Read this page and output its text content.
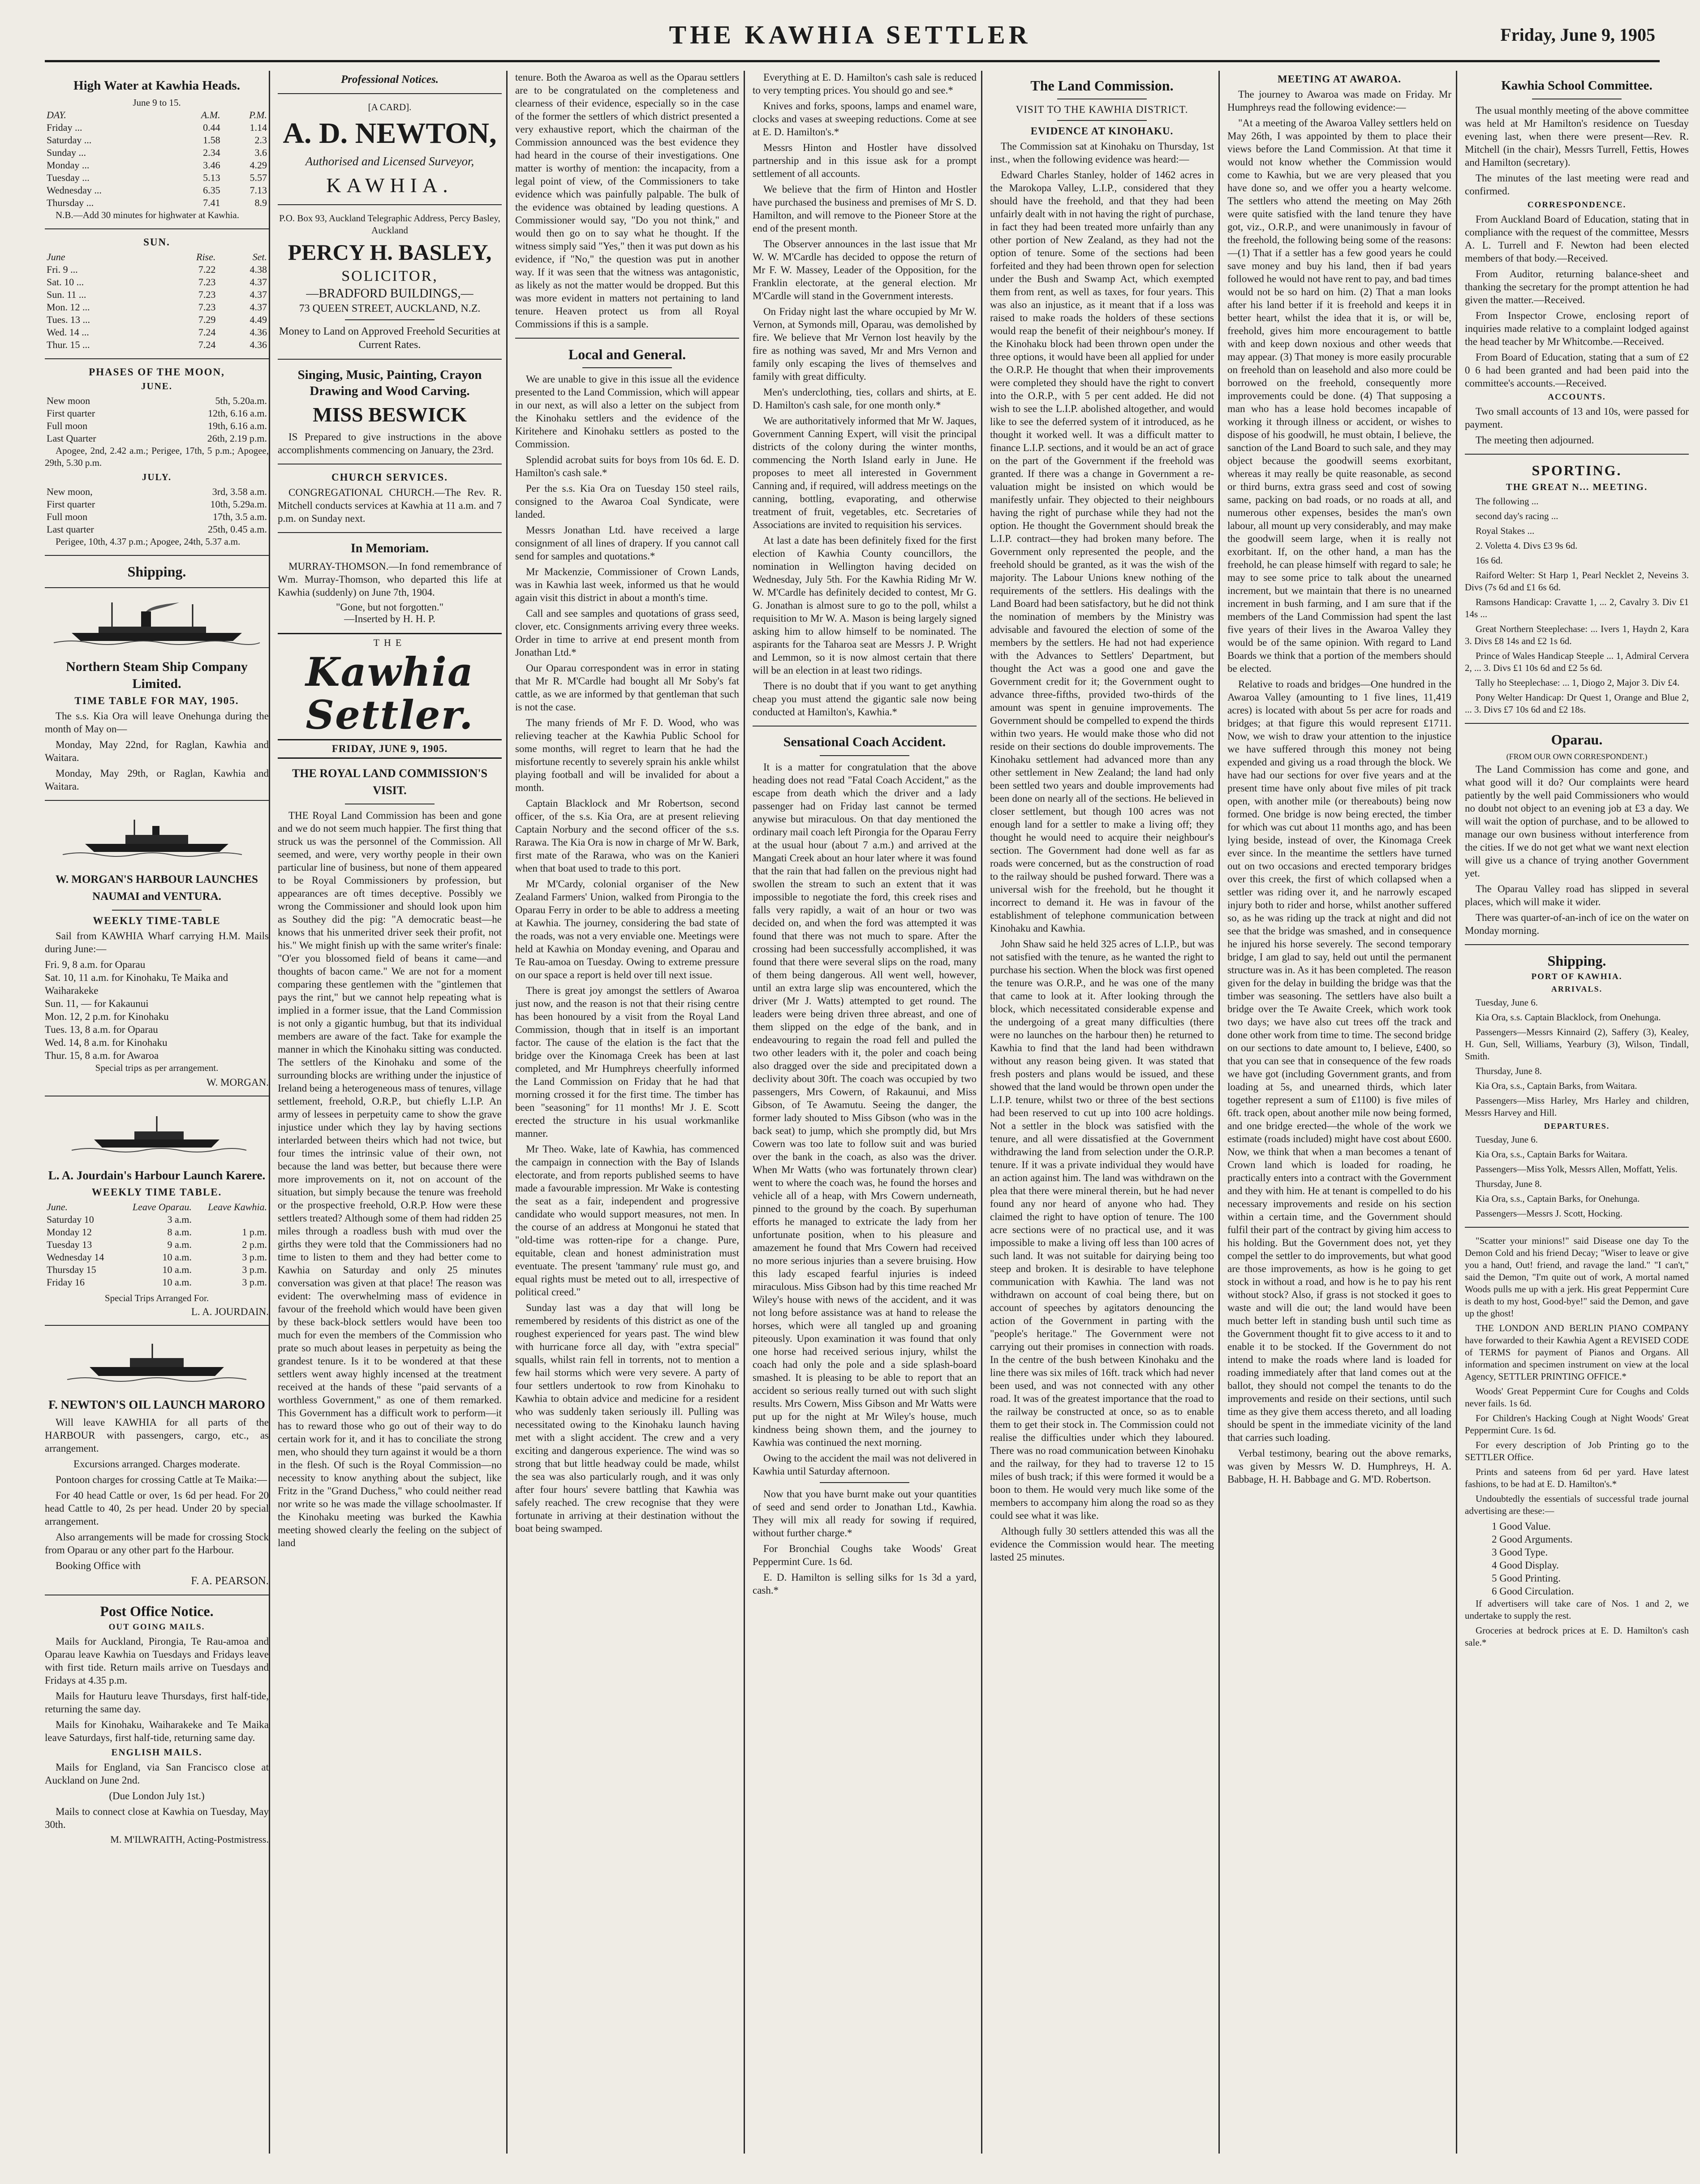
THE KAWHIA SETTLER	Friday, June 9, 1905
High Water at Kawhia Heads.
June 9 to 15.
DAY.	A.M.	P.M.
Friday ...	0.44	1.14
Saturday ...	1.58	2.3
Sunday ...	2.34	3.6
Monday ...	3.46	4.29
Tuesday ...	5.13	5.57
Wednesday ...	6.35	7.13
Thursday ...	7.41	8.9

N.B.—Add 30 minutes for highwater at Kawhia.

SUN.
June	Rise.	Set.
Fri. 9 ...	7.22	4.38
Sat. 10 ...	7.23	4.37
Sun. 11 ...	7.23	4.37
Mon. 12 ...	7.23	4.37
Tues. 13 ...	7.29	4.49
Wed. 14 ...	7.24	4.36
Thur. 15 ...	7.24	4.36
PHASES OF THE MOON,
JUNE.
New moon	5th, 5.20a.m.
First quarter	12th, 6.16 a.m.
Full moon	19th, 6.16 a.m.
Last Quarter	26th, 2.19 p.m.

Apogee, 2nd, 2.42 a.m.; Perigee, 17th, 5 p.m.; Apogee, 29th, 5.30 p.m.

JULY.
New moon,	3rd, 3.58 a.m.
First quarter	10th, 5.29a.m.
Full moon	17th, 3.5 a.m.
Last quarter	25th, 0.45 a.m.

Perigee, 10th, 4.37 p.m.; Apogee, 24th, 5.37 a.m.

Shipping.
Northern Steam Ship Company Limited.
TIME TABLE FOR MAY, 1905.

The s.s. Kia Ora will leave Onehunga during the month of May on—

Monday, May 22nd, for Raglan, Kawhia and Waitara.

Monday, May 29th, or Raglan, Kawhia and Waitara.

W. MORGAN'S HARBOUR LAUNCHES NAUMAI and VENTURA.
WEEKLY TIME-TABLE

Sail from KAWHIA Wharf carrying H.M. Mails during June:—

Fri. 9, 8 a.m. for Oparau

Sat. 10, 11 a.m. for Kinohaku, Te Maika and Waiharakeke

Sun. 11, — for Kakaunui

Mon. 12, 2 p.m. for Kinohaku

Tues. 13, 8 a.m. for Oparau

Wed. 14, 8 a.m. for Kinohaku

Thur. 15, 8 a.m. for Awaroa

Special trips as per arrangement.
W. MORGAN.
L. A. Jourdain's Harbour Launch Karere.
WEEKLY TIME TABLE.
June.	Leave Oparau.	Leave Kawhia.
Saturday 10	3 a.m.	
Monday 12	8 a.m.	1 p.m.
Tuesday 13	9 a.m.	2 p.m.
Wednesday 14	10 a.m.	3 p.m.
Thursday 15	10 a.m.	3 p.m.
Friday 16	10 a.m.	3 p.m.
Special Trips Arranged For.
L. A. JOURDAIN.
F. NEWTON'S OIL LAUNCH MARORO

Will leave KAWHIA for all parts of the HARBOUR with passengers, cargo, etc., as arrangement.

Excursions arranged. Charges moderate.

Pontoon charges for crossing Cattle at Te Maika:—

For 40 head Cattle or over, 1s 6d per head. For 20 head Cattle to 40, 2s per head. Under 20 by special arrangement.

Also arrangements will be made for crossing Stock from Oparau or any other part fo the Harbour.

Booking Office with

F. A. PEARSON.
Post Office Notice.
OUT GOING MAILS.

Mails for Auckland, Pirongia, Te Rau-amoa and Oparau leave Kawhia on Tuesdays and Fridays leave with first tide. Return mails arrive on Tuesdays and Fridays at 4.35 p.m.

Mails for Hauturu leave Thursdays, first half-tide, returning the same day.

Mails for Kinohaku, Waiharakeke and Te Maika leave Saturdays, first half-tide, returning same day.

ENGLISH MAILS.

Mails for England, via San Francisco close at Auckland on June 2nd.

(Due London July 1st.)

Mails to connect close at Kawhia on Tuesday, May 30th.

M. M'ILWRAITH, Acting-Postmistress.
Professional Notices.
[A CARD].
A. D. NEWTON,
Authorised and Licensed Surveyor,
KAWHIA.
P.O. Box 93, Auckland Telegraphic Address, Percy Basley, Auckland
PERCY H. BASLEY,
SOLICITOR,
—BRADFORD BUILDINGS,—
73 QUEEN STREET, AUCKLAND, N.Z.
Money to Land on Approved Freehold Securities at Current Rates.
Singing, Music, Painting, Crayon Drawing and Wood Carving.
MISS BESWICK

IS Prepared to give instructions in the above accomplishments commencing on January, the 23rd.

CHURCH SERVICES.

CONGREGATIONAL CHURCH.—The Rev. R. Mitchell conducts services at Kawhia at 11 a.m. and 7 p.m. on Sunday next.

In Memoriam.

MURRAY-THOMSON.—In fond remembrance of Wm. Murray-Thomson, who departed this life at Kawhia (suddenly) on June 7th, 1904.

"Gone, but not forgotten."
—Inserted by H. H. P.
THE
Kawhia Settler.
FRIDAY, JUNE 9, 1905.
THE ROYAL LAND COMMISSION'S VISIT.

THE Royal Land Commission has been and gone and we do not seem much happier. The first thing that struck us was the personnel of the Commission. All seemed, and were, very worthy people in their own particular line of business, but none of them appeared to be Royal Commissioners by profession, but appearances are oft times deceptive. Possibly we wrong the Commissioner and should look upon him as Southey did the pig: "A democratic beast—he knows that his unmerited driver seek their profit, not his." We might finish up with the same writer's finale: "O'er you blossomed field of beans it came—and thoughts of bacon came." We are not for a moment comparing these gentlemen with the "gintlemen that pays the rint," but we cannot help repeating what is implied in a former issue, that the Land Commission is not only a gigantic humbug, but that its individual members are aware of the fact. Take for example the manner in which the Kinohaku sitting was conducted. The settlers of the Kinohaku and some of the surrounding blocks are writhing under the injustice of Ireland being a heterogeneous mass of tenures, village settlement, freehold, O.R.P., but chiefly L.I.P. An army of lessees in perpetuity came to show the grave injustice under which they lay by having sections interlarded between theirs which had not twice, but four times the intrinsic value of their own, not because the land was better, but because there were more improvements on it, not on account of the situation, but simply because the tenure was freehold or the prospective freehold, O.R.P. How were these settlers treated? Although some of them had ridden 25 miles through a roadless bush with mud over the girths they were told that the Commissioners had no time to listen to them and they had better come to Kawhia on Saturday and only 25 minutes conversation was given at that place! The reason was evident: The overwhelming mass of evidence in favour of the freehold which would have been given by these back-block settlers would have been too much for even the members of the Commission who prate so much about leases in perpetuity as being the grandest tenure. Is it to be wondered at that these settlers went away highly incensed at the treatment received at the hands of these "paid servants of a worthless Government," as one of them remarked. This Government has a difficult work to perform—it has to reward those who go out of their way to do certain work for it, and it has to conciliate the strong men, who should they turn against it would be a thorn in the flesh. Of such is the Royal Commission—no necessity to know anything about the subject, like Fritz in the "Grand Duchess," who could neither read nor write so he was made the village schoolmaster. If the Kinohaku meeting was burked the Kawhia meeting showed clearly the feeling on the subject of land

tenure. Both the Awaroa as well as the Oparau settlers are to be congratulated on the completeness and clearness of their evidence, especially so in the case of the former the settlers of which district presented a very exhaustive report, which the chairman of the Commission announced was the best evidence they had heard in the course of their investigations. One matter is worthy of mention: the incapacity, from a legal point of view, of the Commissioners to take evidence which was painfully palpable. The bulk of the evidence was obtained by leading questions. A Commissioner would say, "Do you not think," and would then go on to say what he thought. If the witness simply said "Yes," then it was put down as his evidence, if "No," the question was put in another way. If it was seen that the witness was antagonistic, as likely as not the matter would be dropped. But this was more evident in matters not pertaining to land tenure. Heaven protect us from all Royal Commissions if this is a sample.

Local and General.

We are unable to give in this issue all the evidence presented to the Land Commission, which will appear in our next, as will also a letter on the subject from the Kinohaku settlers and the evidence of the Kiritehere and Kinohaku settlers as posted to the Commission.

Splendid acrobat suits for boys from 10s 6d. E. D. Hamilton's cash sale.*

Per the s.s. Kia Ora on Tuesday 150 steel rails, consigned to the Awaroa Coal Syndicate, were landed.

Messrs Jonathan Ltd. have received a large consignment of all lines of drapery. If you cannot call send for samples and quotations.*

Mr Mackenzie, Commissioner of Crown Lands, was in Kawhia last week, informed us that he would again visit this district in about a month's time.

Call and see samples and quotations of grass seed, clover, etc. Consignments arriving every three weeks. Order in time to arrive at end present month from Jonathan Ltd.*

Our Oparau correspondent was in error in stating that Mr R. M'Cardle had bought all Mr Soby's fat cattle, as we are informed by that gentleman that such is not the case.

The many friends of Mr F. D. Wood, who was relieving teacher at the Kawhia Public School for some months, will regret to learn that he had the misfortune recently to severely sprain his ankle whilst playing football and will be invalided for about a month.

Captain Blacklock and Mr Robertson, second officer, of the s.s. Kia Ora, are at present relieving Captain Norbury and the second officer of the s.s. Rarawa. The Kia Ora is now in charge of Mr W. Bark, first mate of the Rarawa, who was on the Kanieri when that boat used to trade to this port.

Mr M'Cardy, colonial organiser of the New Zealand Farmers' Union, walked from Pirongia to the Oparau Ferry in order to be able to address a meeting at Kawhia. The journey, considering the bad state of the roads, was not a very enviable one. Meetings were held at Kawhia on Monday evening, and Oparau and Te Rau-amoa on Tuesday. Owing to extreme pressure on our space a report is held over till next issue.

There is great joy amongst the settlers of Awaroa just now, and the reason is not that their rising centre has been honoured by a visit from the Royal Land Commission, though that in itself is an important factor. The cause of the elation is the fact that the bridge over the Kinomaga Creek has been at last completed, and Mr Humphreys cheerfully informed the Land Commission on Friday that he had that morning crossed it for the first time. The timber has been "seasoning" for 11 months! Mr J. E. Scott erected the structure in his usual workmanlike manner.

Mr Theo. Wake, late of Kawhia, has commenced the campaign in connection with the Bay of Islands electorate, and from reports published seems to have made a favourable impression. Mr Wake is contesting the seat as a fair, independent and progressive candidate who would support measures, not men. In the course of an address at Mongonui he stated that "old-time was rotten-ripe for a change. Pure, equitable, clean and honest administration must eventuate. The present 'tammany' rule must go, and equal rights must be meted out to all, irrespective of political creed."

Sunday last was a day that will long be remembered by residents of this district as one of the roughest experienced for years past. The wind blew with hurricane force all day, with "extra special" squalls, whilst rain fell in torrents, not to mention a few hail storms which were very severe. A party of four settlers undertook to row from Kinohaku to Kawhia to obtain advice and medicine for a resident who was suddenly taken seriously ill. Pulling was necessitated owing to the Kinohaku launch having met with a slight accident. The crew and a very exciting and dangerous experience. The wind was so strong that but little headway could be made, whilst the sea was also particularly rough, and it was only after four hours' severe battling that Kawhia was safely reached. The crew recognise that they were fortunate in arriving at their destination without the boat being swamped.

Everything at E. D. Hamilton's cash sale is reduced to very tempting prices. You should go and see.*

Knives and forks, spoons, lamps and enamel ware, clocks and vases at sweeping reductions. Come at see at E. D. Hamilton's.*

Messrs Hinton and Hostler have dissolved partnership and in this issue ask for a prompt settlement of all accounts.

We believe that the firm of Hinton and Hostler have purchased the business and premises of Mr S. D. Hamilton, and will remove to the Pioneer Store at the end of the present month.

The Observer announces in the last issue that Mr W. W. M'Cardle has decided to oppose the return of Mr F. W. Massey, Leader of the Opposition, for the Franklin electorate, at the general election. Mr M'Cardle will stand in the Government interests.

On Friday night last the whare occupied by Mr W. Vernon, at Symonds mill, Oparau, was demolished by fire. We believe that Mr Vernon lost heavily by the fire as nothing was saved, Mr and Mrs Vernon and family only escaping the lives of themselves and family with great difficulty.

Men's underclothing, ties, collars and shirts, at E. D. Hamilton's cash sale, for one month only.*

We are authoritatively informed that Mr W. Jaques, Government Canning Expert, will visit the principal districts of the colony during the winter months, commencing the North Island early in June. He proposes to meet all interested in Government Canning and, if required, will address meetings on the canning, bottling, evaporating, and otherwise treatment of fruit, vegetables, etc. Secretaries of Associations are invited to requisition his services.

At last a date has been definitely fixed for the first election of Kawhia County councillors, the nomination in Wellington having decided on Wednesday, July 5th. For the Kawhia Riding Mr W. W. M'Cardle has definitely decided to contest, Mr G. G. Jonathan is almost sure to go to the poll, whilst a requisition to Mr W. A. Mason is being largely signed asking him to allow himself to be nominated. The aspirants for the Taharoa seat are Messrs J. P. Wright and Lemmon, so it is now almost certain that there will be an election in at least two ridings.

There is no doubt that if you want to get anything cheap you must attend the gigantic sale now being conducted at Hamilton's, Kawhia.*

Sensational Coach Accident.

It is a matter for congratulation that the above heading does not read "Fatal Coach Accident," as the escape from death which the driver and a lady passenger had on Friday last cannot be termed anywise but miraculous. On that day mentioned the ordinary mail coach left Pirongia for the Oparau Ferry at the usual hour (about 7 a.m.) and arrived at the Mangati Creek about an hour later where it was found that the rain that had fallen on the previous night had swollen the stream to such an extent that it was impossible to negotiate the ford, this creek rises and falls very rapidly, a wait of an hour or two was decided on, and when the ford was attempted it was found that there was not much to spare. After the crossing had been successfully accomplished, it was found that there were several slips on the road, many of them being dangerous. All went well, however, until an extra large slip was encountered, which the driver (Mr J. Watts) attempted to get round. The leaders were being driven three abreast, and one of them slipped on the edge of the bank, and in endeavouring to regain the road fell and pulled the two other leaders with it, the poler and coach being also dragged over the side and precipitated down a declivity about 30ft. The coach was occupied by two passengers, Mrs Cowern, of Rakaunui, and Miss Gibson, of Te Awamutu. Seeing the danger, the former lady shouted to Miss Gibson (who was in the back seat) to jump, which she promptly did, but Mrs Cowern was too late to follow suit and was buried over the bank in the coach, as also was the driver. When Mr Watts (who was fortunately thrown clear) went to where the coach was, he found the horses and vehicle all of a heap, with Mrs Cowern underneath, pinned to the ground by the coach. By superhuman efforts he managed to extricate the lady from her unfortunate position, when to his pleasure and amazement he found that Mrs Cowern had received no more serious injuries than a severe bruising. How this lady escaped fearful injuries is indeed miraculous. Miss Gibson had by this time reached Mr Wiley's house with news of the accident, and it was not long before assistance was at hand to release the horses, which were all tangled up and groaning piteously. Upon examination it was found that only one horse had received serious injury, whilst the coach had only the pole and a side splash-board smashed. It is pleasing to be able to report that an accident so serious really turned out with such slight results. Mrs Cowern, Miss Gibson and Mr Watts were put up for the night at Mr Wiley's house, much kindness being shown them, and the journey to Kawhia was continued the next morning.

Owing to the accident the mail was not delivered in Kawhia until Saturday afternoon.

Now that you have burnt make out your quantities of seed and send order to Jonathan Ltd., Kawhia. They will mix all ready for sowing if required, without further charge.*

For Bronchial Coughs take Woods' Great Peppermint Cure. 1s 6d.

E. D. Hamilton is selling silks for 1s 3d a yard, cash.*

The Land Commission.
VISIT TO THE KAWHIA DISTRICT.
EVIDENCE AT KINOHAKU.

The Commission sat at Kinohaku on Thursday, 1st inst., when the following evidence was heard:—

Edward Charles Stanley, holder of 1462 acres in the Marokopa Valley, L.I.P., considered that they should have the freehold, and that they had been unfairly dealt with in not having the right of purchase, in fact they had been treated more unfairly than any other portion of New Zealand, as they had not the option of tenure. Some of the sections had been forfeited and they had been thrown open for selection under the Bush and Swamp Act, which exempted them from rent, as well as taxes, for four years. This was also an injustice, as it meant that if a loss was raised to make roads the holders of these sections would reap the benefit of their neighbour's money. If the Kinohaku block had been thrown open under the three options, it would have been all applied for under the O.R.P. He thought that when their improvements were completed they should have the right to convert into the O.R.P., with 5 per cent added. He did not wish to see the L.I.P. abolished altogether, and would like to see the deferred system of it introduced, as he thought it worked well. It was a difficult matter to finance L.I.P. sections, and it would be an act of grace on the part of the Government if the freehold was granted. If there was a change in Government a re-valuation might be insisted on which would be manifestly unfair. They objected to their neighbours having the right of purchase while they had not the option. He thought the Government should break the L.I.P. contract—they had broken many before. The Government only represented the people, and the freehold should be granted, as it was the wish of the majority. The Labour Unions knew nothing of the requirements of the settlers. His dealings with the Land Board had been satisfactory, but he did not think the nomination of members by the Ministry was advisable and favoured the election of some of the members by the settlers. He had not had experience with the Advances to Settlers' Department, but thought the Act was a good one and gave the Government credit for it; the Government ought to advance three-fifths, provided two-thirds of the amount was spent in genuine improvements. The Government should be compelled to expend the thirds within two years. He would make those who did not reside on their sections do double improvements. The Kinohaku settlement had advanced more than any other settlement in New Zealand; the land had only been settled two years and double improvements had been done on nearly all of the sections. He believed in closer settlement, but though 100 acres was not enough land for a settler to make a living off; they thought he would need to acquire their neighbour's section. The Government had done well as far as roads were concerned, but as the construction of road to the railway should be pushed forward. There was a universal wish for the freehold, but he thought it incorrect to demand it. He was in favour of the establishment of telephone communication between Kinohaku and Kawhia.

John Shaw said he held 325 acres of L.I.P., but was not satisfied with the tenure, as he wanted the right to purchase his section. When the block was first opened the tenure was O.R.P., and he was one of the many that came to look at it. After looking through the block, which necessitated considerable expense and the undergoing of a great many difficulties (there were no launches on the harbour then) he returned to Kawhia to find that the land had been withdrawn without any reason being given. It was stated that fresh posters and plans would be issued, and these showed that the land would be thrown open under the L.I.P. tenure, whilst two or three of the best sections had been reserved to cut up into 100 acre holdings. Not a settler in the block was satisfied with the tenure, and all were dissatisfied at the Government withdrawing the land from selection under the O.R.P. tenure. If it was a private individual they would have an action against him. The land was withdrawn on the plea that there were mineral therein, but he had never found any nor heard of anyone who had. They claimed the right to have option of tenure. The 100 acre sections were of no practical use, and it was impossible to make a living off less than 100 acres of such land. It was not suitable for dairying being too steep and broken. It is desirable to have telephone communication with Kawhia. The land was not withdrawn on account of coal being there, but on account of speeches by agitators denouncing the action of the Government in parting with the "people's heritage." The Government were not carrying out their promises in connection with roads. In the centre of the bush between Kinohaku and the line there was six miles of 16ft. track which had never been used, and was not connected with any other road. It was of the greatest importance that the road to the railway be constructed at once, so as to enable them to get their stock in. The Commission could not realise the difficulties under which they laboured. There was no road communication between Kinohaku and the railway, for they had to traverse 12 to 15 miles of bush track; if this were formed it would be a boon to them. He would very much like some of the members to accompany him along the road so as they could see what it was like.

Although fully 30 settlers attended this was all the evidence the Commission would hear. The meeting lasted 25 minutes.

MEETING AT AWAROA.

The journey to Awaroa was made on Friday. Mr Humphreys read the following evidence:—

"At a meeting of the Awaroa Valley settlers held on May 26th, I was appointed by them to place their views before the Land Commission. At that time it would not know whether the Commission would come to Kawhia, but we are very pleased that you have done so, and we offer you a hearty welcome. The settlers who attend the meeting on May 26th were quite satisfied with the land tenure they have got, viz., O.R.P., and were unanimously in favour of the freehold, the following being some of the reasons:—(1) That if a settler has a few good years he could save money and buy his land, then if bad years followed he would not have rent to pay, and bad times would not be so hard on him. (2) That a man looks after his land better if it is freehold and keeps it in better heart, whilst the idea that it is, or will be, freehold, gives him more encouragement to battle with and keep down noxious and other weeds that may appear. (3) That money is more easily procurable on freehold than on leasehold and also more could be borrowed on the freehold, consequently more improvements could be done. (4) That supposing a man who has a lease hold becomes incapable of working it through illness or accident, or wishes to dispose of his goodwill, he must obtain, I believe, the sanction of the Land Board to such sale, and they may object because the goodwill seems exorbitant, whereas it may really be quite reasonable, as second or third burns, extra grass seed and cost of sowing same, packing on bad roads, or no roads at all, and numerous other expenses, besides the man's own labour, all mount up very considerably, and may make the goodwill seem large, when it is really not exorbitant. If, on the other hand, a man has the freehold, he can please himself with regard to sale; he may to see some price to talk about the unearned increment, but we maintain that there is no unearned increment in bush farming, and I am sure that if the members of the Land Commission had spent the last five years of their lives in the Awaroa Valley they would be of the same opinion. With regard to Land Boards we think that a portion of the members should be elected.

Relative to roads and bridges—One hundred in the Awaroa Valley (amounting to 1 five lines, 11,419 acres) is located with about 5s per acre for roads and bridges; at that figure this would represent £1711. Now, we wish to draw your attention to the injustice we have suffered through this money not being expended and giving us a road through the block. We have had our sections for over five years and at the present time have only about five miles of pit track open, with another mile (or thereabouts) being now formed. One bridge is now being erected, the timber for which was cut about 11 months ago, and has been lying beside, instead of over, the Kinomaga Creek ever since. In the meantime the settlers have turned out on two occasions and erected temporary bridges over this creek, the first of which collapsed when a settler was riding over it, and he narrowly escaped injury both to rider and horse, whilst another suffered so, as he was riding up the track at night and did not see that the bridge was smashed, and in consequence he injured his horse severely. The second temporary bridge, I am glad to say, held out until the permanent structure was in. As it has been completed. The reason given for the delay in building the bridge was that the timber was seasoning. The settlers have also built a bridge over the Te Awaite Creek, which work took two days; we have also cut trees off the track and done other work from time to time. The second bridge on our sections to date amount to, I believe, £400, so that you can see that in consequence of the few roads we have got (including Government grants, and from loading at 5s, and unearned thirds, which later together represent a sum of £1100) is five miles of 6ft. track open, about another mile now being formed, and one bridge erected—the whole of the work we estimate (roads included) might have cost about £600. Now, we think that when a man becomes a tenant of Crown land which is loaded for roading, he practically enters into a contract with the Government and they with him. He at tenant is compelled to do his necessary improvements and reside on his section within a certain time, and the Government should fulfil their part of the contract by giving him access to his holding. But the Government does not, yet they compel the settler to do improvements, but what good are those improvements, as how is he going to get stock in without a road, and how is he to pay his rent without stock? Also, if grass is not stocked it goes to waste and will die out; the land would have been much better left in standing bush until such time as the Government thought fit to give access to it and to enable it to be stocked. If the Government do not intend to make the roads where land is loaded for roading immediately after that land comes out at the ballot, they should not compel the tenants to do the improvements and reside on their sections, until such time as they give them access thereto, and all loading should be spent in the immediate vicinity of the land that carries such loading.

Verbal testimony, bearing out the above remarks, was given by Messrs W. D. Humphreys, H. A. Babbage, H. H. Babbage and G. M'D. Robertson.

Kawhia School Committee.

The usual monthly meeting of the above committee was held at Mr Hamilton's residence on Tuesday evening last, when there were present—Rev. R. Mitchell (in the chair), Messrs Turrell, Fettis, Howes and Hamilton (secretary).

The minutes of the last meeting were read and confirmed.

CORRESPONDENCE.

From Auckland Board of Education, stating that in compliance with the request of the committee, Messrs A. L. Turrell and F. Newton had been elected members of that body.—Received.

From Auditor, returning balance-sheet and thanking the secretary for the prompt attention he had given the matter.—Received.

From Inspector Crowe, enclosing report of inquiries made relative to a complaint lodged against the head teacher by Mr Whitcombe.—Received.

From Board of Education, stating that a sum of £2 0 6 had been granted and had been paid into the committee's accounts.—Received.

ACCOUNTS.

Two small accounts of 13 and 10s, were passed for payment.

The meeting then adjourned.

SPORTING.
THE GREAT N... MEETING.

The following ...

second day's racing ...

Royal Stakes ...

2. Voletta 4. Divs £3 9s 6d.

16s 6d.

Raiford Welter: St Harp 1, Pearl Necklet 2, Neveins 3. Divs (7s 6d and £1 6s 6d.

Ramsons Handicap: Cravatte 1, ... 2, Cavalry 3. Div £1 14s ...

Great Northern Steeplechase: ... Ivers 1, Haydn 2, Kara 3. Divs £8 14s and £2 1s 6d.

Prince of Wales Handicap Steeple ... 1, Admiral Cervera 2, ... 3. Divs £1 10s 6d and £2 5s 6d.

Tally ho Steeplechase: ... 1, Diogo 2, Major 3. Div £4.

Pony Welter Handicap: Dr Quest 1, Orange and Blue 2, ... 3. Divs £7 10s 6d and £2 18s.

Oparau.
(FROM OUR OWN CORRESPONDENT.)

The Land Commission has come and gone, and what good will it do? Our complaints were heard patiently by the well paid Commissioners who would no doubt not object to an evening job at £3 a day. We will wait the option of purchase, and to be allowed to manage our own business without interference from the cities. If we do not get what we want next election will give us a chance of trying another Government yet.

The Oparau Valley road has slipped in several places, which will make it wider.

There was quarter-of-an-inch of ice on the water on Monday morning.

Shipping.
PORT OF KAWHIA.
ARRIVALS.

Tuesday, June 6.

Kia Ora, s.s. Captain Blacklock, from Onehunga.

Passengers—Messrs Kinnaird (2), Saffery (3), Kealey, H. Gun, Sell, Williams, Yearbury (3), Wilson, Tindall, Smith.

Thursday, June 8.

Kia Ora, s.s., Captain Barks, from Waitara.

Passengers—Miss Harley, Mrs Harley and children, Messrs Harvey and Hill.

DEPARTURES.

Tuesday, June 6.

Kia Ora, s.s., Captain Barks for Waitara.

Passengers—Miss Yolk, Messrs Allen, Moffatt, Yelis.

Thursday, June 8.

Kia Ora, s.s., Captain Barks, for Onehunga.

Passengers—Messrs J. Scott, Hocking.

"Scatter your minions!" said Disease one day To the Demon Cold and his friend Decay; "Wiser to leave or give you a hand, Out! friend, and ravage the land." "I can't," said the Demon, "I'm quite out of work, A mortal named Woods pulls me up with a jerk. His great Peppermint Cure is death to my host, Good-bye!" said the Demon, and gave up the ghost!

THE LONDON AND BERLIN PIANO COMPANY have forwarded to their Kawhia Agent a REVISED CODE of TERMS for payment of Pianos and Organs. All information and specimen instrument on view at the local Agency, SETTLER PRINTING OFFICE.*

Woods' Great Peppermint Cure for Coughs and Colds never fails. 1s 6d.

For Children's Hacking Cough at Night Woods' Great Peppermint Cure. 1s 6d.

For every description of Job Printing go to the SETTLER Office.

Prints and sateens from 6d per yard. Have latest fashions, to be had at E. D. Hamilton's.*

Undoubtedly the essentials of successful trade journal advertising are these:—

1 Good Value.

2 Good Arguments.

3 Good Type.

4 Good Display.

5 Good Printing.

6 Good Circulation.

If advertisers will take care of Nos. 1 and 2, we undertake to supply the rest.

Groceries at bedrock prices at E. D. Hamilton's cash sale.*
